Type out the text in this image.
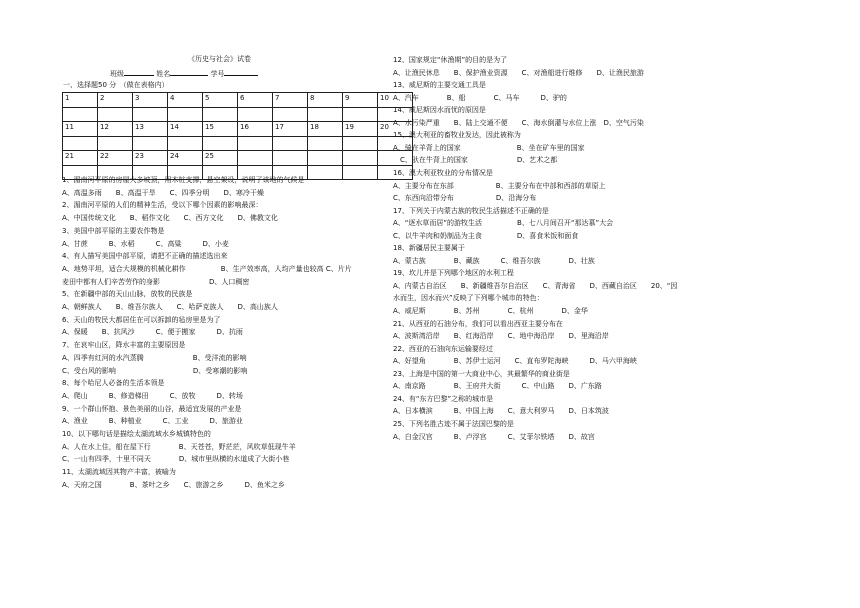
《历史与社会》试卷
班级	姓名	学号
一、选择题50 分　（做在表格内）
1	2	3	4	5	6	7	8	9	10

11	12	13	14	15	16	17	18	19	20

21	22	23	24	25					

1、湄南河平原的房屋大多坡顶，用木桩支撑，悬空架设，说明了该地的气候是
A、高温多雨　　B、高温干旱　　C、四季分明　　D、寒冷干燥
2、湄南河平原的人们的精神生活，受以下哪个因素的影响最深：
A、中国传统文化　　B、稻作文化　　C、西方文化　　D、佛教文化
3、美国中部平原的主要农作物是
A、甘蔗　　　B、水稻　　　C、高粱　　　D、小麦
4、有人描写美国中部平原，请把不正确的描述选出来
A、地势平坦，适合大规模的机械化耕作　　　　　B、生产效率高，人均产量也较高 C、片片
麦田中都有人们辛苦劳作的身影　　　　　　　D、人口稠密
5、在新疆中部的天山山脉，放牧的民族是
A、朝鲜族人　　B、维吾尔族人　　C、哈萨克族人　　D、高山族人
6、天山的牧民大都居住在可以拆卸的毡房里是为了
A、保暖　　B、抗风沙　　　C、便于搬家　　　D、抗雨
7、在哀牢山区，降水丰富的主要原因是
A、四季有红河的水汽蒸腾　　　　　　　B、受洋流的影响
C、受台风的影响　　　　　　　　　　　D、受寒潮的影响
8、每个哈尼人必备的生活本领是
A、爬山　　　B、修造梯田　　　C、放牧　　　D、转场
9、一个群山怀抱、景色美丽的山谷，最适宜发展的产业是
A、渔业　　　B、种植业　　　C、工业　　　D、旅游业
10、以下哪句话是描绘太湖流域水乡城镇特色的
A、人在水上住，船在屋下行　　　　B、天苍苍，野茫茫，风吹草低现牛羊
C、一山有四季，十里不同天　　　　D、城市里纵横的水道成了大街小巷
11、太湖流域因其物产丰富，被喻为
A、天府之国　　　　B、茶叶之乡　　C、旅游之乡　　　D、鱼米之乡
12、国家规定“休渔期”的目的是为了
A、让渔民休息　　B、保护渔业资源　　C、对渔船进行维修　　D、让渔民旅游
13、威尼斯的主要交通工具是
A、汽车　　　　B、船　　　　C、马车　　　D、驴的
14、威尼斯因水而忧的原因是
A、水污染严重　　B、陆上交通不便　　C、海水倒灌与水位上涨　D、空气污染
15、澳大利亚的畜牧业发达，因此被称为
A、骑在羊背上的国家　　　　　　　　B、坐在矿车里的国家
C、驮在牛背上的国家　　　　　　　D、艺术之都
16、澳大利亚牧业的分布情况是
A、主要分布在东部　　　　　　B、主要分布在中部和西部的草原上
C、东西向沿带分布　　　　　　D、沿海分布
17、下列关于内蒙古族的牧民生活描述不正确的是
A、“逐水草而居”的游牧生活　　　　　B、七八月间召开“那达慕”大会
C、以牛羊肉和奶制品为主食　　　　　D、喜食米饭和面食
18、新疆居民主要属于
A、蒙古族　　　　B、藏族　　　C、维吾尔族　　　　D、壮族
19、坎儿井是下列哪个地区的水利工程
A、内蒙古自治区　　B、新疆维吾尔自治区　　C、青海省　　D、西藏自治区　　20、“因
水而生，因水而兴”反映了下列哪个城市的特色：
A、威尼斯　　　　B、苏州　　　　C、杭州　　　　D、金华
21、从西亚的石油分布，我们可以看出西亚主要分布在
A、波斯湾沿岸　　B、红海沿岸　　C、地中海沿岸　　D、里海沿岸
22、西亚的石油向东运输要经过
A、好望角　　　　B、苏伊士运河　　C、直布罗陀海峡　　　D、马六甲海峡
23、上海是中国的第一大商业中心，其最繁华的商业街是
A、南京路　　　　B、王府井大街　　　C、中山路　　D、广东路
24、有“东方巴黎”之称的城市是
A、日本横滨　　　B、中国上海　　C、意大利罗马　　D、日本筑波
25、下列名胜古迹不属于法国巴黎的是
A、白金汉宫　　　B、卢浮宫　　　C、艾菲尔铁塔　　D、故宫
